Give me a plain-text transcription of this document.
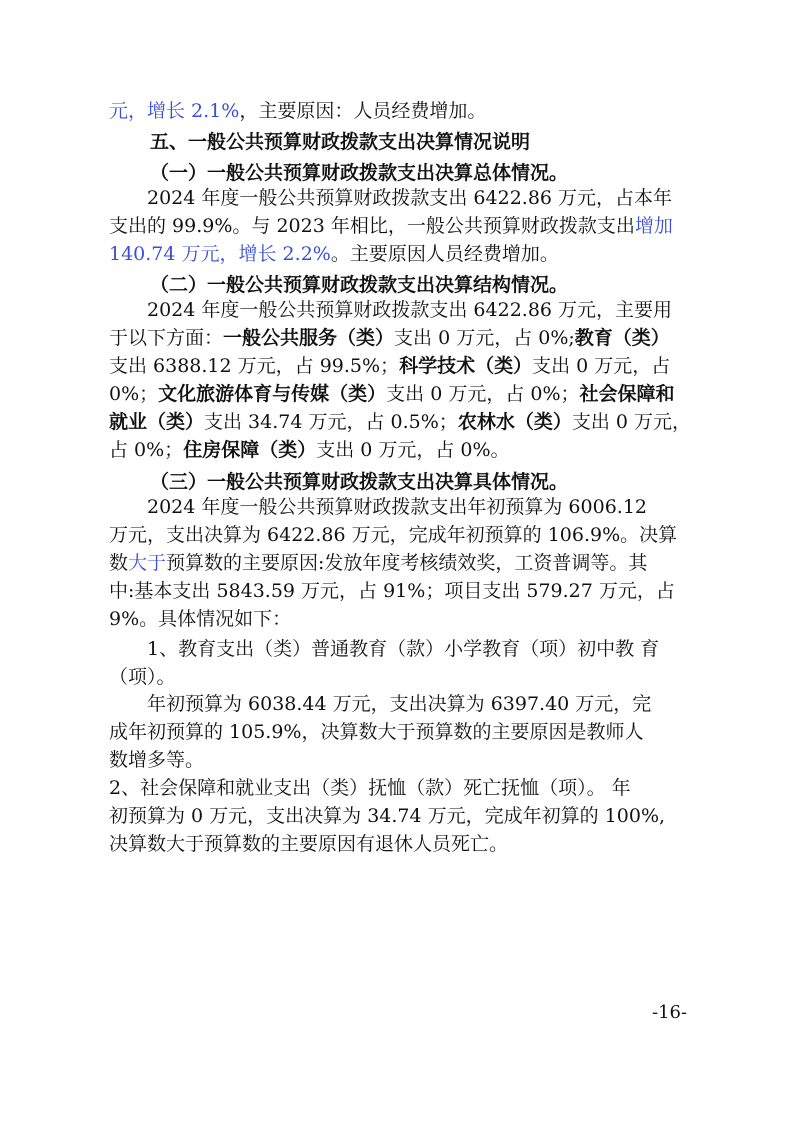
元，增长 2.1%，主要原因：人员经费增加。
五、一般公共预算财政拨款支出决算情况说明
（一）一般公共预算财政拨款支出决算总体情况。
2024 年度一般公共预算财政拨款支出 6422.86 万元，占本年
支出的 99.9%。与 2023 年相比，一般公共预算财政拨款支出增加
140.74 万元，增长 2.2%。主要原因人员经费增加。
（二）一般公共预算财政拨款支出决算结构情况。
2024 年度一般公共预算财政拨款支出 6422.86 万元，主要用
于以下方面：一般公共服务（类）支出 0 万元，占 0%;教育（类）
支出 6388.12 万元，占 99.5%；科学技术（类）支出 0 万元，占
0%；文化旅游体育与传媒（类）支出 0 万元，占 0%；社会保障和
就业（类）支出 34.74 万元，占 0.5%；农林水（类）支出 0 万元，
占 0%；住房保障（类）支出 0 万元，占 0%。
（三）一般公共预算财政拨款支出决算具体情况。
2024 年度一般公共预算财政拨款支出年初预算为 6006.12
万元，支出决算为 6422.86 万元，完成年初预算的 106.9%。决算
数大于预算数的主要原因:发放年度考核绩效奖，工资普调等。其
中:基本支出 5843.59 万元，占 91%；项目支出 579.27 万元，占
9%。具体情况如下：
1、教育支出（类）普通教育（款）小学教育（项）初中教 育
（项）。
年初预算为 6038.44 万元，支出决算为 6397.40 万元，完
成年初预算的 105.9%，决算数大于预算数的主要原因是教师人
数增多等。
2、社会保障和就业支出（类）抚恤（款）死亡抚恤（项）。 年
初预算为 0 万元，支出决算为 34.74 万元，完成年初算的 100%,
决算数大于预算数的主要原因有退休人员死亡。
-16-
